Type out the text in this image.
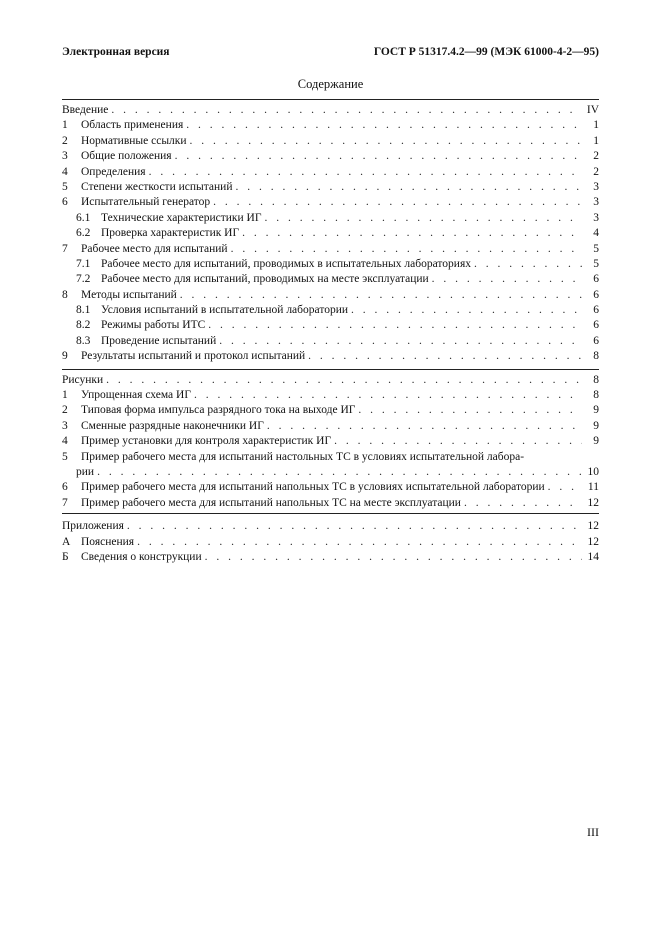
Электронная версия	ГОСТ Р 51317.4.2—99 (МЭК 61000-4-2—95)
Содержание
Введение . . .	IV
1	Область применения . . .	1
2	Нормативные ссылки . . .	1
3	Общие положения . . .	2
4	Определения . . .	2
5	Степени жесткости испытаний . . .	3
6	Испытательный генератор . . .	3
6.1 Технические характеристики ИГ . . .	3
6.2 Проверка характеристик ИГ . . .	4
7	Рабочее место для испытаний . . .	5
7.1 Рабочее место для испытаний, проводимых в испытательных лабораториях . . .	5
7.2 Рабочее место для испытаний, проводимых на месте эксплуатации . . .	6
8	Методы испытаний . . .	6
8.1 Условия испытаний в испытательной лаборатории . . .	6
8.2 Режимы работы ИТС . . .	6
8.3 Проведение испытаний . . .	6
9	Результаты испытаний и протокол испытаний . . .	8
Рисунки . . .	8
1	Упрощенная схема ИГ . . .	8
2	Типовая форма импульса разрядного тока на выходе ИГ . . .	9
3	Сменные разрядные наконечники ИГ . . .	9
4	Пример установки для контроля характеристик ИГ . . .	9
5	Пример рабочего места для испытаний настольных ТС в условиях испытательной лабора-
рии . . .	10
6	Пример рабочего места для испытаний напольных ТС в условиях испытательной лаборатории . . .	11
7	Пример рабочего места для испытаний напольных ТС на месте эксплуатации . . .	12
Приложения . . .	12
А Пояснения . . .	12
Б	Сведения о конструкции . . .	14
III
